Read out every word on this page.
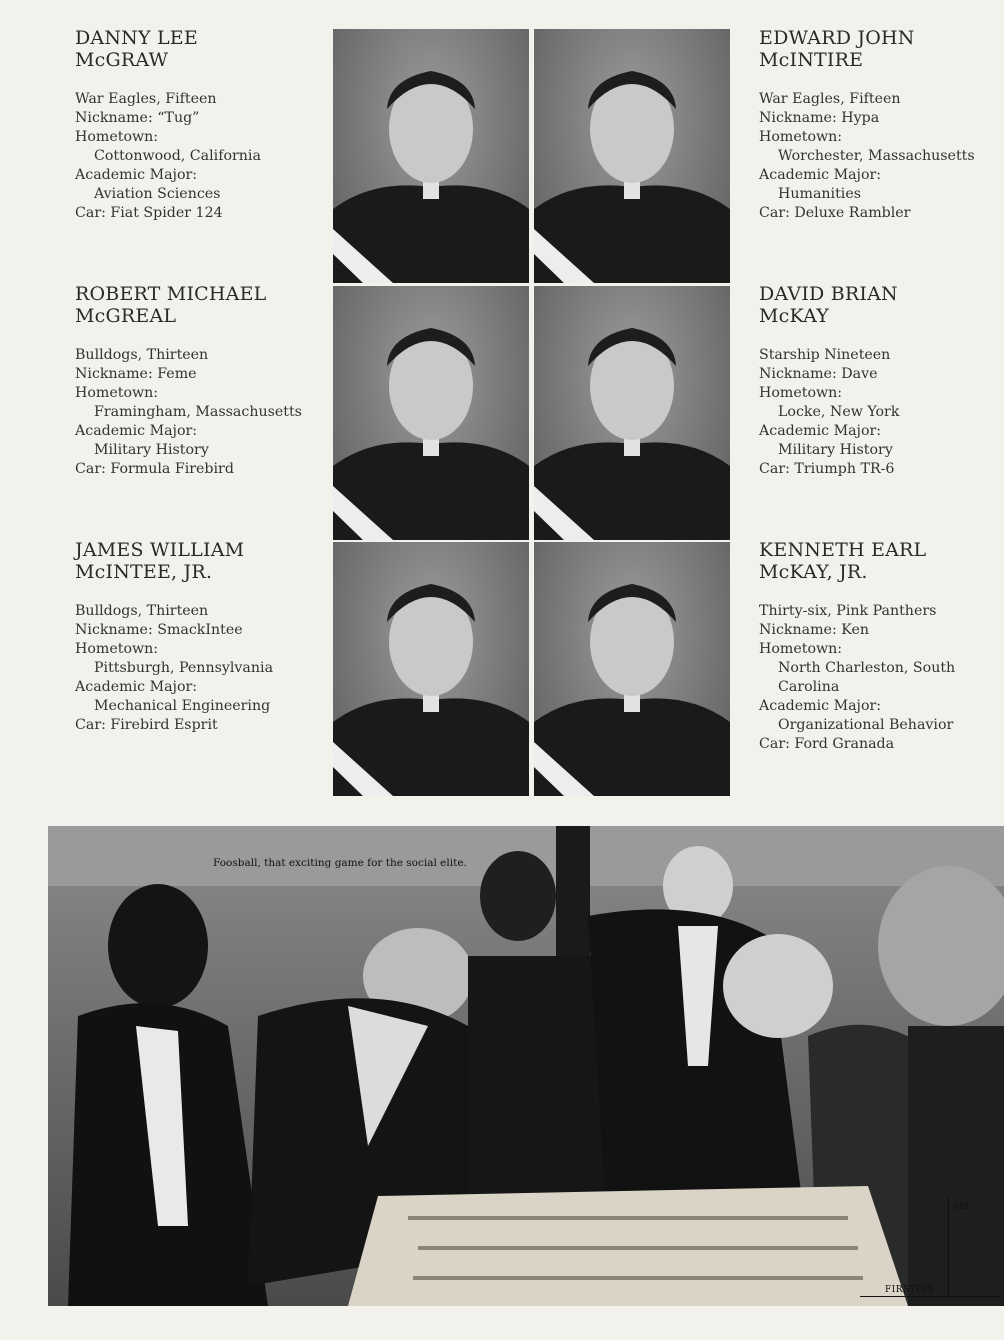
DANNY LEE
McGRAW
War Eagles, Fifteen
Nickname: “Tug”
Hometown:
Cottonwood, California
Academic Major:
Aviation Sciences
Car: Fiat Spider 124
EDWARD JOHN
McINTIRE
War Eagles, Fifteen
Nickname: Hypa
Hometown:
Worchester, Massachusetts
Academic Major:
Humanities
Car: Deluxe Rambler
ROBERT MICHAEL
McGREAL
Bulldogs, Thirteen
Nickname: Feme
Hometown:
Framingham, Massachusetts
Academic Major:
Military History
Car: Formula Firebird
DAVID BRIAN
McKAY
Starship Nineteen
Nickname: Dave
Hometown:
Locke, New York
Academic Major:
Military History
Car: Triumph TR-6
JAMES WILLIAM
McINTEE, JR.
Bulldogs, Thirteen
Nickname: SmackIntee
Hometown:
Pittsburgh, Pennsylvania
Academic Major:
Mechanical Engineering
Car: Firebird Esprit
KENNETH EARL
McKAY, JR.
Thirty-six, Pink Panthers
Nickname: Ken
Hometown:
North Charleston, South Carolina
Academic Major:
Organizational Behavior
Car: Ford Granada
Foosball, that exciting game for the social elite.
345
FIRSTIES
